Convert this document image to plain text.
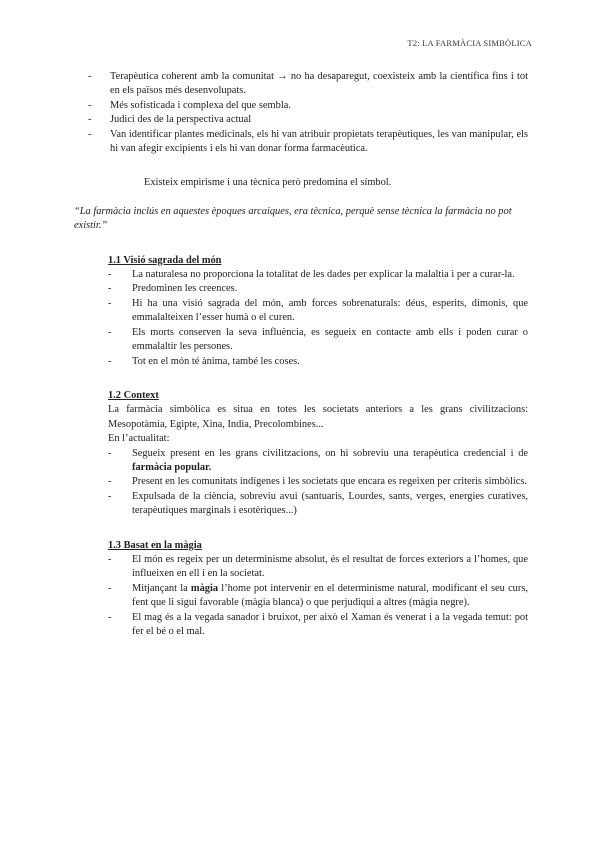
T2: LA FARMÀCIA SIMBÒLICA
- Terapèutica coherent amb la comunitat → no ha desaparegut, coexisteix amb la científica fins i tot en els països més desenvolupats.
- Més sofisticada i complexa del que sembla.
- Judici des de la perspectiva actual
- Van identificar plantes medicinals, els hi van atribuir propietats terapèutiques, les van manipular, els hi van afegir excipients i els hi van donar forma farmacèutica.

Existeix empirisme i una tècnica però predomina el símbol.

“La farmàcia inclús en aquestes èpoques arcaiques, era tècnica, perquè sense tècnica la farmàcia no pot existir.”

1.1 Visió sagrada del món
- La naturalesa no proporciona la totalitat de les dades per explicar la malaltia i per a curar-la.
- Predominen les creences.
- Hi ha una visió sagrada del món, amb forces sobrenaturals: déus, esperits, dimonis, que emmalalteixen l’esser humà o el curen.
- Els morts conserven la seva influència, es segueix en contacte amb ells i poden curar o emmalaltir les persones.
- Tot en el món té ànima, també les coses.
1.2 Context

La farmàcia simbòlica es situa en totes les societats anteriors a les grans civilitzacions: Mesopotàmia, Egipte, Xina, India, Precolombines...

En l’actualitat:

- Segueix present en les grans civilitzacions, on hi sobreviu una terapèutica credencial i de farmàcia popular.
- Present en les comunitats indígenes i les societats que encara es regeixen per criteris simbòlics.
- Expulsada de la ciència, sobreviu avui (santuaris, Lourdes, sants, verges, energies curatives, terapèutiques marginals i esotèriques...)
1.3 Basat en la màgia
- El món es regeix per un determinisme absolut, és el resultat de forces exteriors a l’homes, que influeixen en ell i en la societat.
- Mitjançant la màgia l’home pot intervenir en el determinisme natural, modificant el seu curs, fent que li sigui favorable (màgia blanca) o que perjudiqui a altres (màgia negre).
- El mag és a la vegada sanador i bruixot, per això el Xaman és venerat i a la vegada temut: pot fer el bé o el mal.
